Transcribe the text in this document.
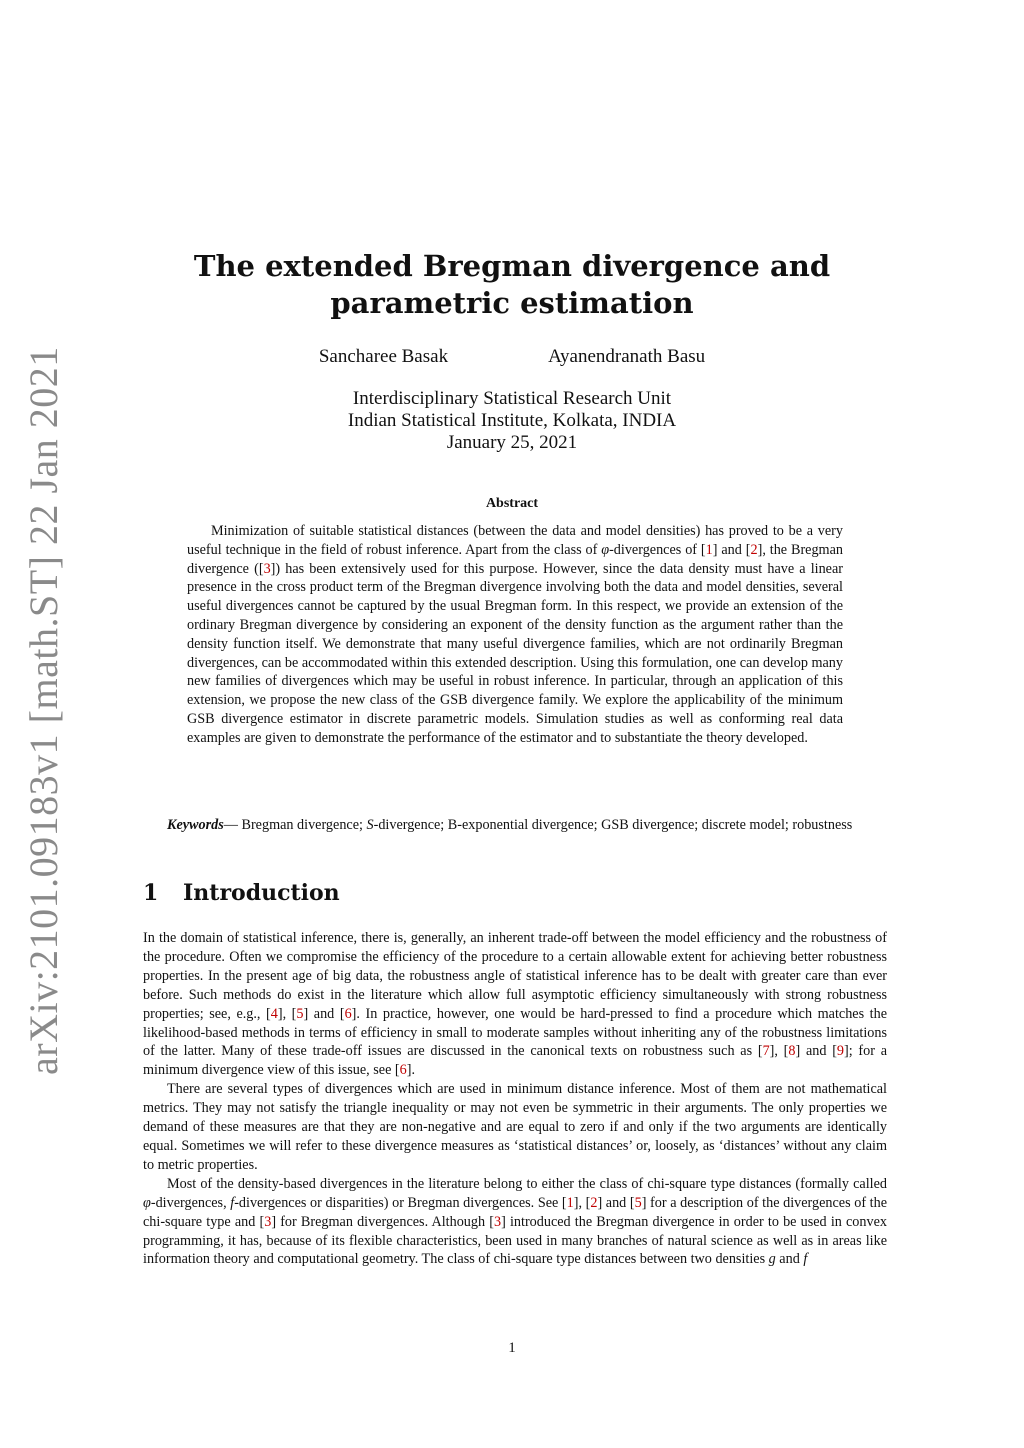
arXiv:2101.09183v1 [math.ST] 22 Jan 2021
The extended Bregman divergence and parametric estimation
Sancharee Basak	Ayanendranath Basu
Interdisciplinary Statistical Research Unit
Indian Statistical Institute, Kolkata, INDIA
January 25, 2021
Abstract
Minimization of suitable statistical distances (between the data and model densities) has proved to be a very useful technique in the field of robust inference. Apart from the class of φ-divergences of [1] and [2], the Bregman divergence ([3]) has been extensively used for this purpose. However, since the data density must have a linear presence in the cross product term of the Bregman divergence involving both the data and model densities, several useful divergences cannot be captured by the usual Bregman form. In this respect, we provide an extension of the ordinary Bregman divergence by considering an exponent of the density function as the argument rather than the density function itself. We demonstrate that many useful divergence families, which are not ordinarily Bregman divergences, can be accommodated within this extended description. Using this formulation, one can develop many new families of divergences which may be useful in robust inference. In particular, through an application of this extension, we propose the new class of the GSB divergence family. We explore the applicability of the minimum GSB divergence estimator in discrete parametric models. Simulation studies as well as conforming real data examples are given to demonstrate the performance of the estimator and to substantiate the theory developed.
Keywords— Bregman divergence; S-divergence; B-exponential divergence; GSB divergence; discrete model; robustness
1 Introduction

In the domain of statistical inference, there is, generally, an inherent trade-off between the model efficiency and the robustness of the procedure. Often we compromise the efficiency of the procedure to a certain allowable extent for achieving better robustness properties. In the present age of big data, the robustness angle of statistical inference has to be dealt with greater care than ever before. Such methods do exist in the literature which allow full asymptotic efficiency simultaneously with strong robustness properties; see, e.g., [4], [5] and [6]. In practice, however, one would be hard-pressed to find a procedure which matches the likelihood-based methods in terms of efficiency in small to moderate samples without inheriting any of the robustness limitations of the latter. Many of these trade-off issues are discussed in the canonical texts on robustness such as [7], [8] and [9]; for a minimum divergence view of this issue, see [6].

There are several types of divergences which are used in minimum distance inference. Most of them are not mathematical metrics. They may not satisfy the triangle inequality or may not even be symmetric in their arguments. The only properties we demand of these measures are that they are non-negative and are equal to zero if and only if the two arguments are identically equal. Sometimes we will refer to these divergence measures as ‘statistical distances’ or, loosely, as ‘distances’ without any claim to metric properties.

Most of the density-based divergences in the literature belong to either the class of chi-square type distances (formally called φ-divergences, f-divergences or disparities) or Bregman divergences. See [1], [2] and [5] for a description of the divergences of the chi-square type and [3] for Bregman divergences. Although [3] introduced the Bregman divergence in order to be used in convex programming, it has, because of its flexible characteristics, been used in many branches of natural science as well as in areas like information theory and computational geometry. The class of chi-square type distances between two densities g and f

1
